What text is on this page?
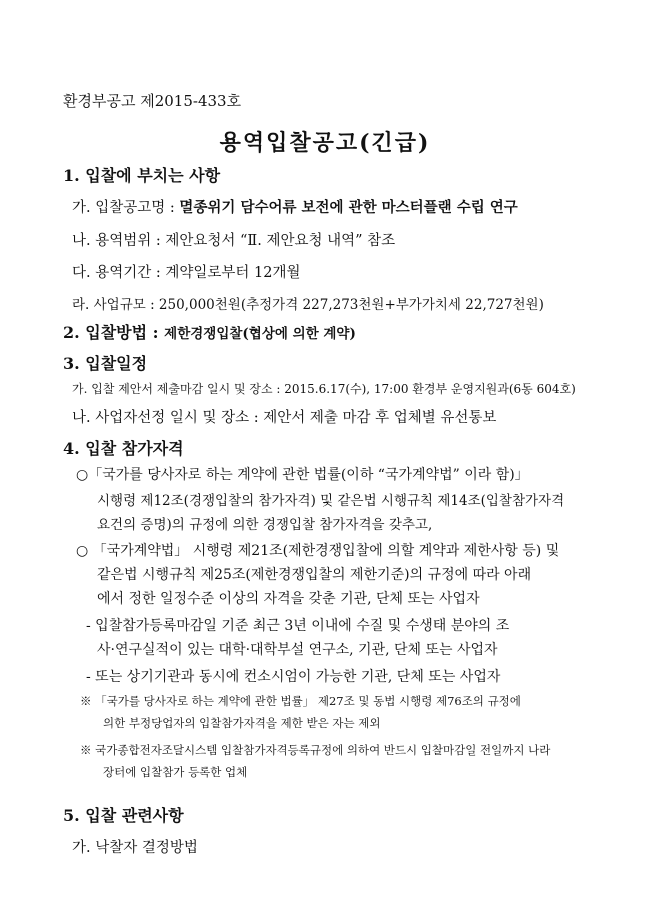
환경부공고 제2015-433호
용역입찰공고(긴급)
1. 입찰에 부치는 사항
가. 입찰공고명 : 멸종위기 담수어류 보전에 관한 마스터플랜 수립 연구
나. 용역범위 : 제안요청서 “Ⅱ. 제안요청 내역” 참조
다. 용역기간 : 계약일로부터 12개월
라. 사업규모 : 250,000천원(추정가격 227,273천원+부가가치세 22,727천원)
2. 입찰방법 : 제한경쟁입찰(협상에 의한 계약)
3. 입찰일정
가. 입찰 제안서 제출마감 일시 및 장소 : 2015.6.17(수), 17:00 환경부 운영지원과(6동 604호)
나. 사업자선정 일시 및 장소 : 제안서 제출 마감 후 업체별 유선통보
4. 입찰 참가자격
○「국가를 당사자로 하는 계약에 관한 법률(이하 “국가계약법” 이라 함)」
시행령 제12조(경쟁입찰의 참가자격) 및 같은법 시행규칙 제14조(입찰참가자격
요건의 증명)의 규정에 의한 경쟁입찰 참가자격을 갖추고,
○ 「국가계약법」 시행령 제21조(제한경쟁입찰에 의할 계약과 제한사항 등) 및
같은법 시행규칙 제25조(제한경쟁입찰의 제한기준)의 규정에 따라 아래
에서 정한 일정수준 이상의 자격을 갖춘 기관, 단체 또는 사업자
- 입찰참가등록마감일 기준 최근 3년 이내에 수질 및 수생태 분야의 조
사·연구실적이 있는 대학·대학부설 연구소, 기관, 단체 또는 사업자
- 또는 상기기관과 동시에 컨소시엄이 가능한 기관, 단체 또는 사업자
※ 「국가를 당사자로 하는 계약에 관한 법률」 제27조 및 동법 시행령 제76조의 규정에
의한 부정당업자의 입찰참가자격을 제한 받은 자는 제외
※ 국가종합전자조달시스템 입찰참가자격등록규정에 의하여 반드시 입찰마감일 전일까지 나라
장터에 입찰참가 등록한 업체
5. 입찰 관련사항
가. 낙찰자 결정방법
